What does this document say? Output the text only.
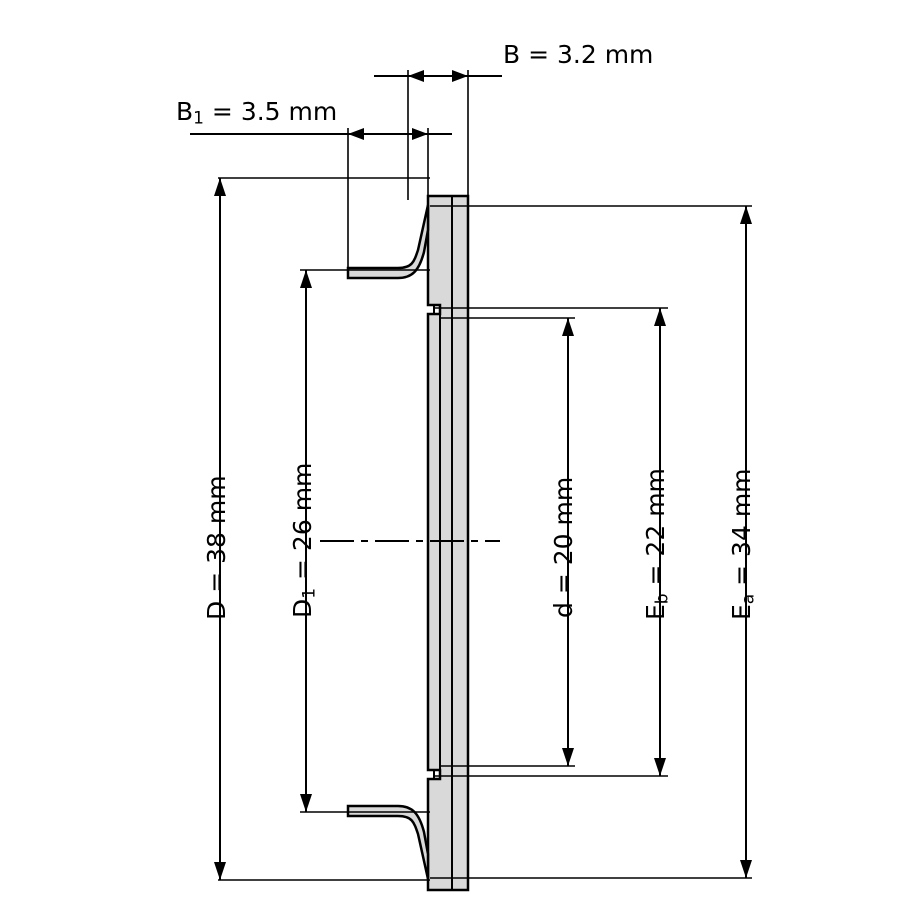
B = 3.2 mm
$B_1 = 3.5$ mm
D = 38 mm $D_1 = 26$ mm	d = 20 mm	$E_b = 22$ mm
$E_a = 34$ mm
